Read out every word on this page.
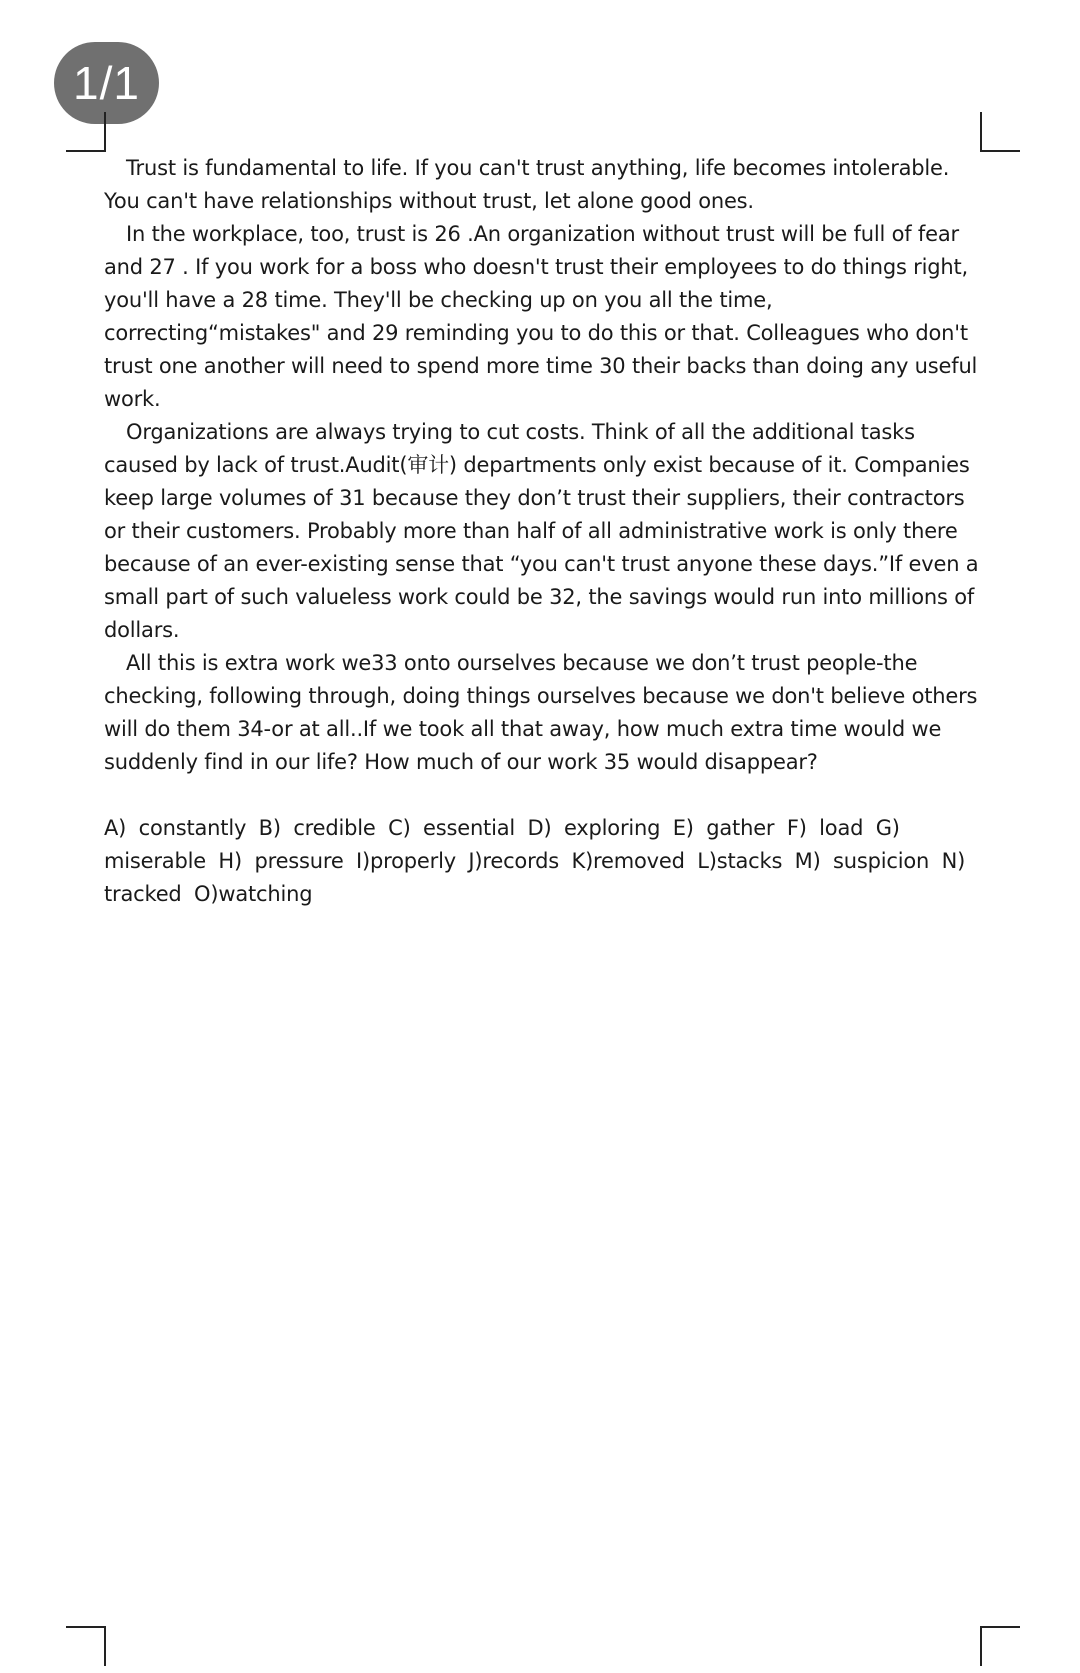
1/1

Trust is fundamental to life. If you can't trust anything, life becomes intolerable. You can't have relationships without trust, let alone good ones.

In the workplace, too, trust is 26 .An organization without trust will be full of fear and 27 . If you work for a boss who doesn't trust their employees to do things right, you'll have a 28 time. They'll be checking up on you all the time, correcting“mistakes" and 29 reminding you to do this or that. Colleagues who don't trust one another will need to spend more time 30 their backs than doing any useful work.

Organizations are always trying to cut costs. Think of all the additional tasks caused by lack of trust.Audit(审计) departments only exist because of it. Companies keep large volumes of 31 because they don’t trust their suppliers, their contractors or their customers. Probably more than half of all administrative work is only there because of an ever-existing sense that “you can't trust anyone these days.”If even a small part of such valueless work could be 32, the savings would run into millions of dollars.

All this is extra work we33 onto ourselves because we don’t trust people-the checking, following through, doing things ourselves because we don't believe others will do them 34-or at all..If we took all that away, how much extra time would we suddenly find in our life? How much of our work 35 would disappear?

A) constantly B) credible C) essential D) exploring E) gather F) load G) miserable H) pressure I)properly J)records K)removed L)stacks M) suspicion N) tracked O)watching
